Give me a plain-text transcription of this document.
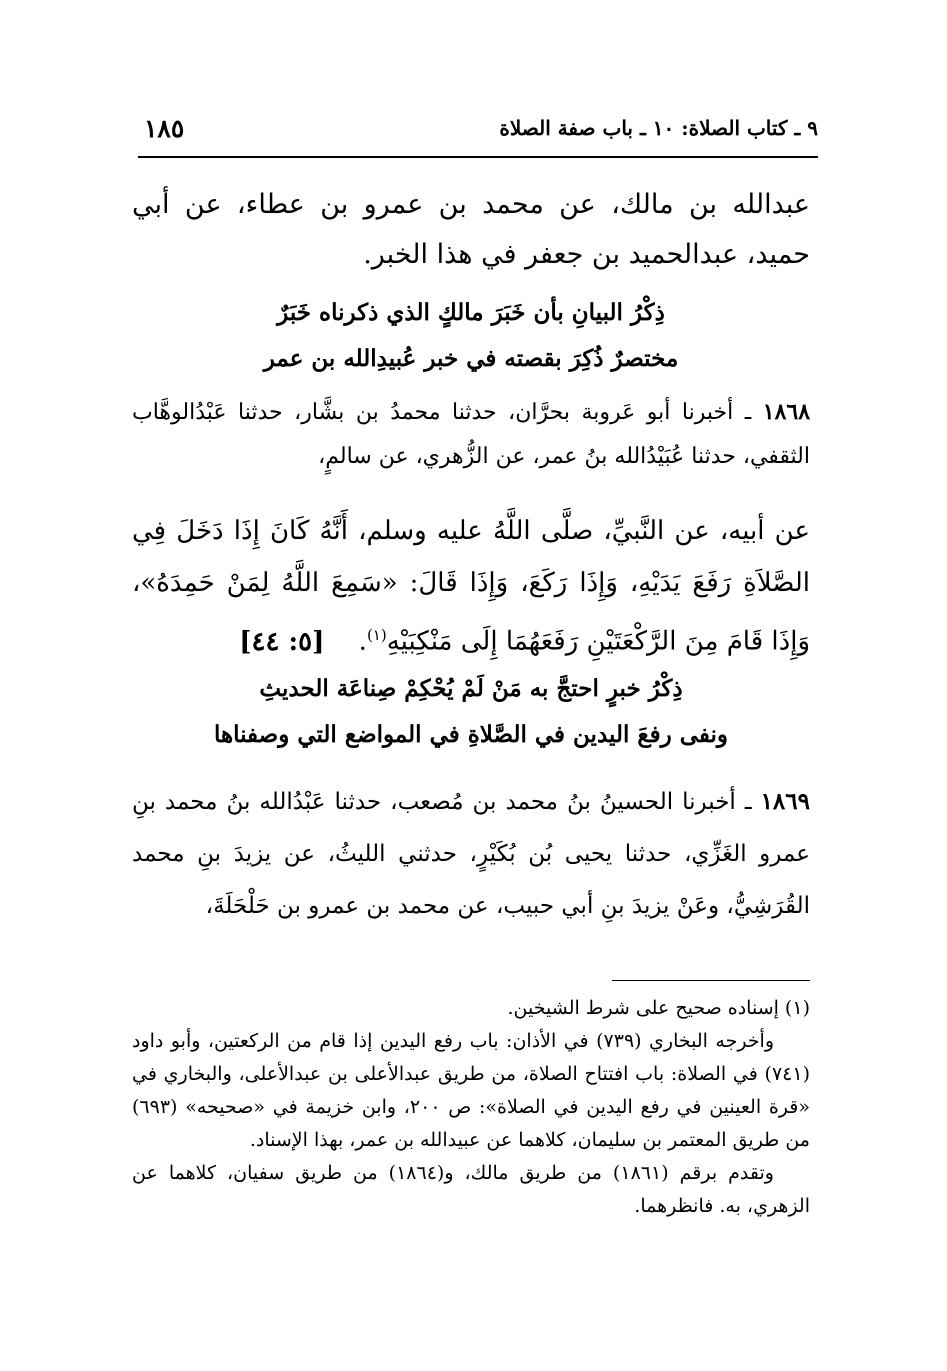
٩ ـ كتاب الصلاة: ١٠ ـ باب صفة الصلاة
١٨٥
عبدالله بن مالك، عن محمد بن عمرو بن عطاء، عن أبي حميد، عبدالحميد بن جعفر في هذا الخبر.
ذِكْرُ البيانِ بأن خَبَرَ مالكٍ الذي ذكرناه خَبَرٌ
مختصرٌ ذُكِرَ بقصته في خبر عُبيدِالله بن عمر
١٨٦٨ ـ أخبرنا أبو عَروبة بحرَّان، حدثنا محمدُ بن بشَّار، حدثنا عَبْدُالوهَّاب الثقفي، حدثنا عُبَيْدُالله بنُ عمر، عن الزُّهري، عن سالمٍ،
عن أبيه، عن النَّبيِّ، صلَّى اللَّهُ عليه وسلم، أَنَّهُ كَانَ إِذَا دَخَلَ فِي الصَّلاَةِ رَفَعَ يَدَيْهِ، وَإِذَا رَكَعَ، وَإِذَا قَالَ: «سَمِعَ اللَّهُ لِمَنْ حَمِدَهُ»، وَإِذَا قَامَ مِنَ الرَّكْعَتَيْنِ رَفَعَهُمَا إِلَى مَنْكِبَيْهِ$^{(١)}$. [٥: ٤٤]
ذِكْرُ خبرٍ احتجَّ به مَنْ لَمْ يُحْكِمْ صِناعَة الحديثِ
ونفى رفعَ اليدين في الصَّلاةِ في المواضع التي وصفناها
١٨٦٩ ـ أخبرنا الحسينُ بنُ محمد بن مُصعب، حدثنا عَبْدُالله بنُ محمد بنِ عمرو الغَزِّي، حدثنا يحيى بُن بُكَيْرٍ، حدثني الليثُ، عن يزيدَ بنِ محمد القُرَشِيُّ، وعَنْ يزيدَ بنِ أبي حبيب، عن محمد بن عمرو بن حَلْحَلَةَ،
(١) إسناده صحيح على شرط الشيخين.
وأخرجه البخاري (٧٣٩) في الأذان: باب رفع اليدين إذا قام من الركعتين، وأبو داود (٧٤١) في الصلاة: باب افتتاح الصلاة، من طريق عبدالأعلى بن عبدالأعلى، والبخاري في «قرة العينين في رفع اليدين في الصلاة»: ص ٢٠٠، وابن خزيمة في «صحيحه» (٦٩٣) من طريق المعتمر بن سليمان، كلاهما عن عبيدالله بن عمر، بهذا الإسناد.
وتقدم برقم (١٨٦١) من طريق مالك، و(١٨٦٤) من طريق سفيان، كلاهما عن الزهري، به. فانظرهما.
